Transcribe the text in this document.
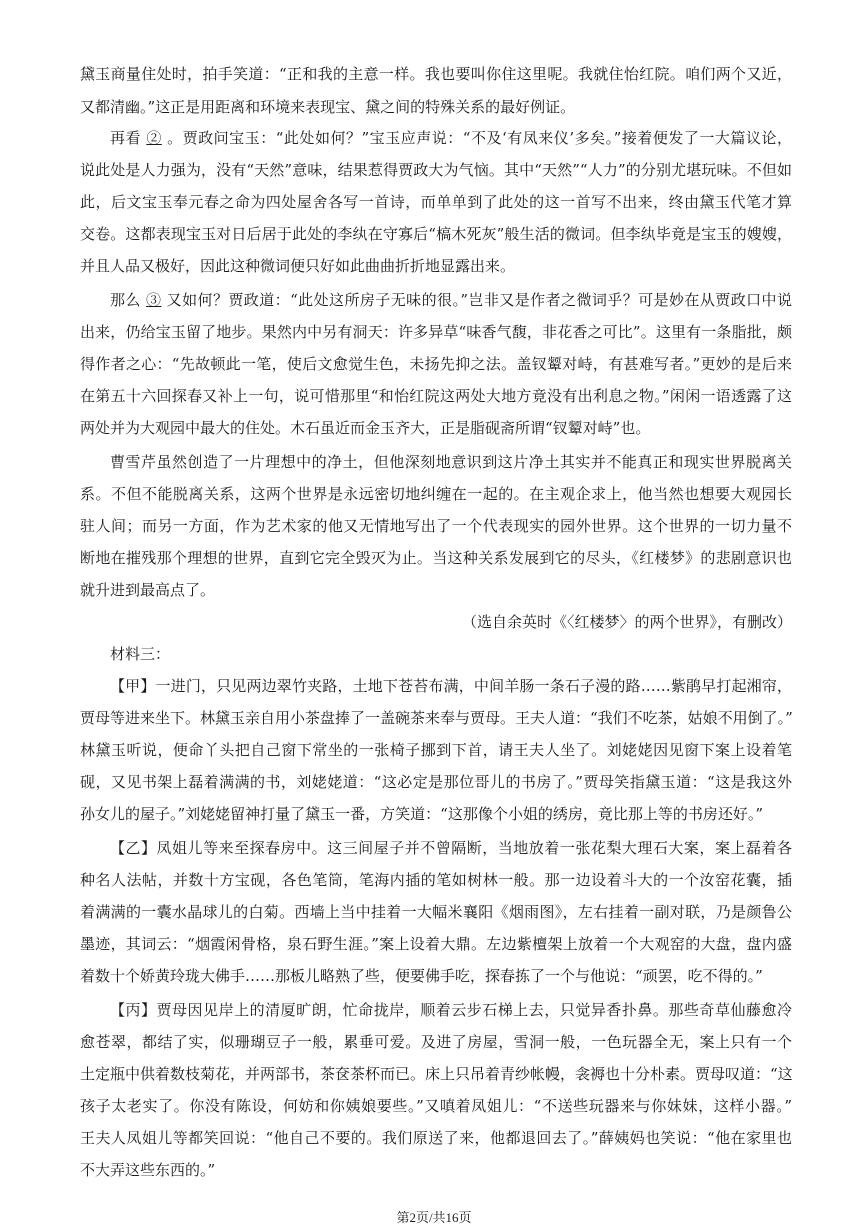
黛玉商量住处时，拍手笑道：“正和我的主意一样。我也要叫你住这里呢。我就住怡红院。咱们两个又近，
又都清幽。”这正是用距离和环境来表现宝、黛之间的特殊关系的最好例证。
再看 ② 。贾政问宝玉：“此处如何？”宝玉应声说：“不及‘有凤来仪’多矣。”接着便发了一大篇议论，
说此处是人力强为，没有“天然”意味，结果惹得贾政大为气恼。其中“天然”“人力”的分别尤堪玩味。不但如
此，后文宝玉奉元春之命为四处屋舍各写一首诗，而单单到了此处的这一首写不出来，终由黛玉代笔才算
交卷。这都表现宝玉对日后居于此处的李纨在守寡后“槁木死灰”般生活的微词。但李纨毕竟是宝玉的嫂嫂，
并且人品又极好，因此这种微词便只好如此曲曲折折地显露出来。
那么 ③ 又如何？贾政道：“此处这所房子无味的很。”岂非又是作者之微词乎？可是妙在从贾政口中说
出来，仍给宝玉留了地步。果然内中另有洞天：许多异草“味香气馥，非花香之可比”。这里有一条脂批，颇
得作者之心：“先故顿此一笔，使后文愈觉生色，未扬先抑之法。盖钗颦对峙，有甚难写者。”更妙的是后来
在第五十六回探春又补上一句，说可惜那里“和怡红院这两处大地方竟没有出利息之物。”闲闲一语透露了这
两处并为大观园中最大的住处。木石虽近而金玉齐大，正是脂砚斋所谓“钗颦对峙”也。
曹雪芹虽然创造了一片理想中的净土，但他深刻地意识到这片净土其实并不能真正和现实世界脱离关
系。不但不能脱离关系，这两个世界是永远密切地纠缠在一起的。在主观企求上，他当然也想要大观园长
驻人间；而另一方面，作为艺术家的他又无情地写出了一个代表现实的园外世界。这个世界的一切力量不
断地在摧残那个理想的世界，直到它完全毁灭为止。当这种关系发展到它的尽头，《红楼梦》的悲剧意识也
就升进到最高点了。
（选自余英时《〈红楼梦〉的两个世界》，有删改）
材料三：
【甲】一进门，只见两边翠竹夹路，土地下苍苔布满，中间羊肠一条石子漫的路……紫鹃早打起湘帘，
贾母等进来坐下。林黛玉亲自用小茶盘捧了一盖碗茶来奉与贾母。王夫人道：“我们不吃茶，姑娘不用倒了。”
林黛玉听说，便命丫头把自己窗下常坐的一张椅子挪到下首，请王夫人坐了。刘姥姥因见窗下案上设着笔
砚，又见书架上磊着满满的书，刘姥姥道：“这必定是那位哥儿的书房了。”贾母笑指黛玉道：“这是我这外
孙女儿的屋子。”刘姥姥留神打量了黛玉一番，方笑道：“这那像个小姐的绣房，竟比那上等的书房还好。”
【乙】凤姐儿等来至探春房中。这三间屋子并不曾隔断，当地放着一张花梨大理石大案，案上磊着各
种名人法帖，并数十方宝砚，各色笔筒，笔海内插的笔如树林一般。那一边设着斗大的一个汝窑花囊，插
着满满的一囊水晶球儿的白菊。西墙上当中挂着一大幅米襄阳《烟雨图》，左右挂着一副对联，乃是颜鲁公
墨迹，其词云：“烟霞闲骨格，泉石野生涯。”案上设着大鼎。左边紫檀架上放着一个大观窑的大盘，盘内盛
着数十个娇黄玲珑大佛手……那板儿略熟了些，便要佛手吃，探春拣了一个与他说：“顽罢，吃不得的。”
【丙】贾母因见岸上的清厦旷朗，忙命拢岸，顺着云步石梯上去，只觉异香扑鼻。那些奇草仙藤愈冷
愈苍翠，都结了实，似珊瑚豆子一般，累垂可爱。及进了房屋，雪洞一般，一色玩器全无，案上只有一个
土定瓶中供着数枝菊花，并两部书，茶奁茶杯而已。床上只吊着青纱帐幔，衾褥也十分朴素。贾母叹道：“这
孩子太老实了。你没有陈设，何妨和你姨娘要些。”又嗔着凤姐儿：“不送些玩器来与你妹妹，这样小器。”
王夫人凤姐儿等都笑回说：“他自己不要的。我们原送了来，他都退回去了。”薛姨妈也笑说：“他在家里也
不大弄这些东西的。”
第2页/共16页
